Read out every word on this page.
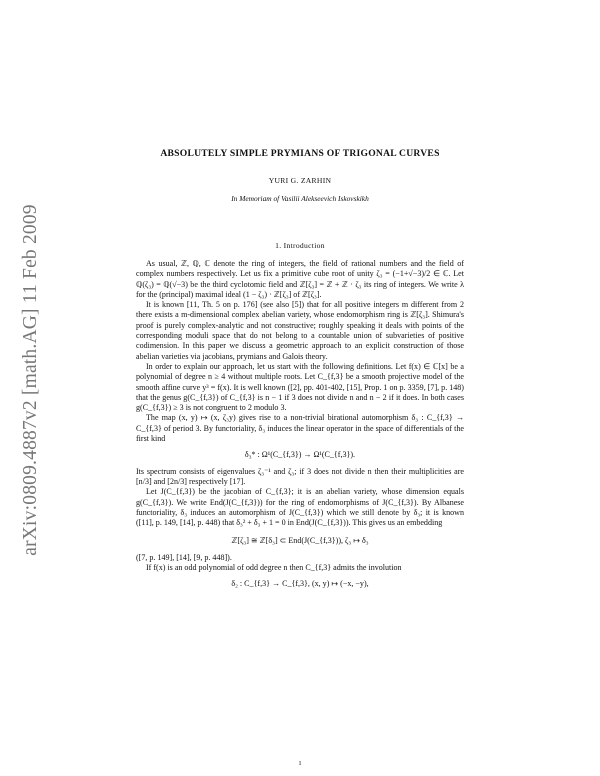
arXiv:0809.4887v2 [math.AG] 11 Feb 2009
ABSOLUTELY SIMPLE PRYMIANS OF TRIGONAL CURVES
YURI G. ZARHIN
In Memoriam of Vasilii Alekseevich Iskovskikh
1. Introduction

As usual, ℤ, ℚ, ℂ denote the ring of integers, the field of rational numbers and the field of complex numbers respectively. Let us fix a primitive cube root of unity ζ₃ = (−1+√−3)/2 ∈ ℂ. Let ℚ(ζ₃) = ℚ(√−3) be the third cyclotomic field and ℤ[ζ₃] = ℤ + ℤ · ζ₃ its ring of integers. We write λ for the (principal) maximal ideal (1 − ζ₃) · ℤ[ζ₃] of ℤ[ζ₃].

It is known [11, Th. 5 on p. 176] (see also [5]) that for all positive integers m different from 2 there exists a m-dimensional complex abelian variety, whose endomorphism ring is ℤ[ζ₃]. Shimura's proof is purely complex-analytic and not constructive; roughly speaking it deals with points of the corresponding moduli space that do not belong to a countable union of subvarieties of positive codimension. In this paper we discuss a geometric approach to an explicit construction of those abelian varieties via jacobians, prymians and Galois theory.

In order to explain our approach, let us start with the following definitions. Let f(x) ∈ ℂ[x] be a polynomial of degree n ≥ 4 without multiple roots. Let C_{f,3} be a smooth projective model of the smooth affine curve y³ = f(x). It is well known ([2], pp. 401-402, [15], Prop. 1 on p. 3359, [7], p. 148) that the genus g(C_{f,3}) of C_{f,3} is n − 1 if 3 does not divide n and n − 2 if it does. In both cases g(C_{f,3}) ≥ 3 is not congruent to 2 modulo 3.

The map (x, y) ↦ (x, ζ₃y) gives rise to a non-trivial birational automorphism δ₃ : C_{f,3} → C_{f,3} of period 3. By functoriality, δ₃ induces the linear operator in the space of differentials of the first kind

δ₃* : Ω¹(C_{f,3}) → Ω¹(C_{f,3}).

Its spectrum consists of eigenvalues ζ₃⁻¹ and ζ₃; if 3 does not divide n then their multiplicities are [n/3] and [2n/3] respectively [17].

Let J(C_{f,3}) be the jacobian of C_{f,3}; it is an abelian variety, whose dimension equals g(C_{f,3}). We write End(J(C_{f,3})) for the ring of endomorphisms of J(C_{f,3}). By Albanese functoriality, δ₃ induces an automorphism of J(C_{f,3}) which we still denote by δ₃; it is known ([11], p. 149, [14], p. 448) that δ₃² + δ₃ + 1 = 0 in End(J(C_{f,3})). This gives us an embedding

ℤ[ζ₃] ≅ ℤ[δ₃] ⊂ End(J(C_{f,3})), ζ₃ ↦ δ₃

([7, p. 149], [14], [9, p. 448]).

If f(x) is an odd polynomial of odd degree n then C_{f,3} admits the involution

δ₂ : C_{f,3} → C_{f,3}, (x, y) ↦ (−x, −y),
1
